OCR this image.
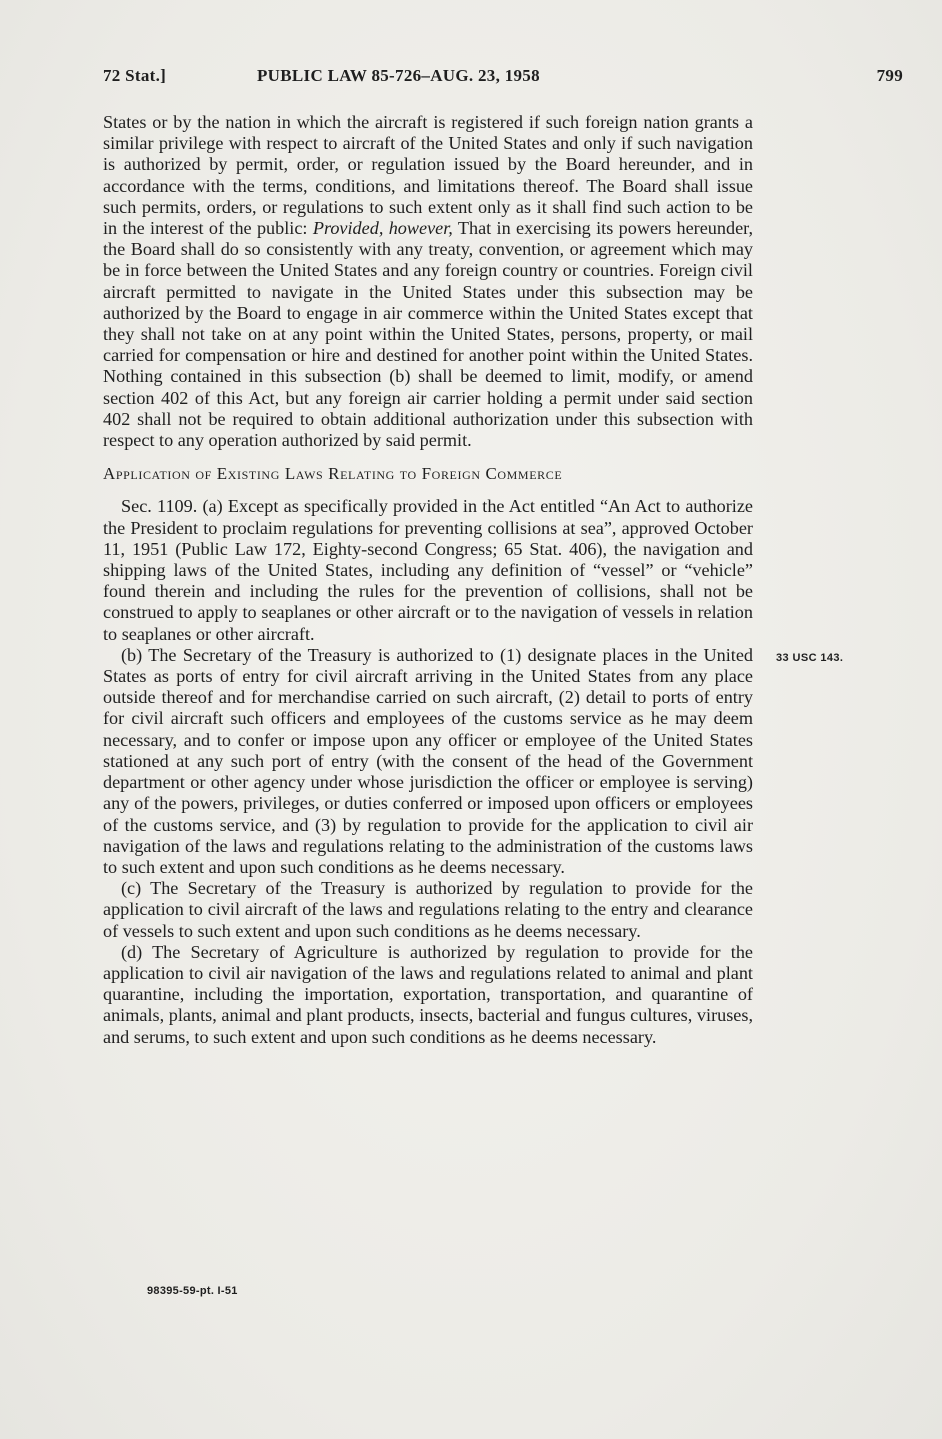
72 Stat.]	PUBLIC LAW 85-726–AUG. 23, 1958	799

States or by the nation in which the aircraft is registered if such foreign nation grants a similar privilege with respect to aircraft of the United States and only if such navigation is authorized by permit, order, or regulation issued by the Board hereunder, and in accordance with the terms, conditions, and limitations thereof. The Board shall issue such permits, orders, or regulations to such extent only as it shall find such action to be in the interest of the public: Provided, however, That in exercising its powers hereunder, the Board shall do so consistently with any treaty, convention, or agreement which may be in force between the United States and any foreign country or countries. Foreign civil aircraft permitted to navigate in the United States under this subsection may be authorized by the Board to engage in air commerce within the United States except that they shall not take on at any point within the United States, persons, property, or mail carried for compensation or hire and destined for another point within the United States. Nothing contained in this subsection (b) shall be deemed to limit, modify, or amend section 402 of this Act, but any foreign air carrier holding a permit under said section 402 shall not be required to obtain additional authorization under this subsection with respect to any operation authorized by said permit.

Application of Existing Laws Relating to Foreign Commerce

Sec. 1109. (a) Except as specifically provided in the Act entitled “An Act to authorize the President to proclaim regulations for preventing collisions at sea”, approved October 11, 1951 (Public Law 172, Eighty-second Congress; 65 Stat. 406), the navigation and shipping laws of the United States, including any definition of “vessel” or “vehicle” found therein and including the rules for the prevention of collisions, shall not be construed to apply to seaplanes or other aircraft or to the navigation of vessels in relation to seaplanes or other aircraft.

(b) The Secretary of the Treasury is authorized to (1) designate places in the United States as ports of entry for civil aircraft arriving in the United States from any place outside thereof and for merchandise carried on such aircraft, (2) detail to ports of entry for civil aircraft such officers and employees of the customs service as he may deem necessary, and to confer or impose upon any officer or employee of the United States stationed at any such port of entry (with the consent of the head of the Government department or other agency under whose jurisdiction the officer or employee is serving) any of the powers, privileges, or duties conferred or imposed upon officers or employees of the customs service, and (3) by regulation to provide for the application to civil air navigation of the laws and regulations relating to the administration of the customs laws to such extent and upon such conditions as he deems necessary.

(c) The Secretary of the Treasury is authorized by regulation to provide for the application to civil aircraft of the laws and regulations relating to the entry and clearance of vessels to such extent and upon such conditions as he deems necessary.

(d) The Secretary of Agriculture is authorized by regulation to provide for the application to civil air navigation of the laws and regulations related to animal and plant quarantine, including the importation, exportation, transportation, and quarantine of animals, plants, animal and plant products, insects, bacterial and fungus cultures, viruses, and serums, to such extent and upon such conditions as he deems necessary.

33 USC 143.
98395-59-pt. I-51
